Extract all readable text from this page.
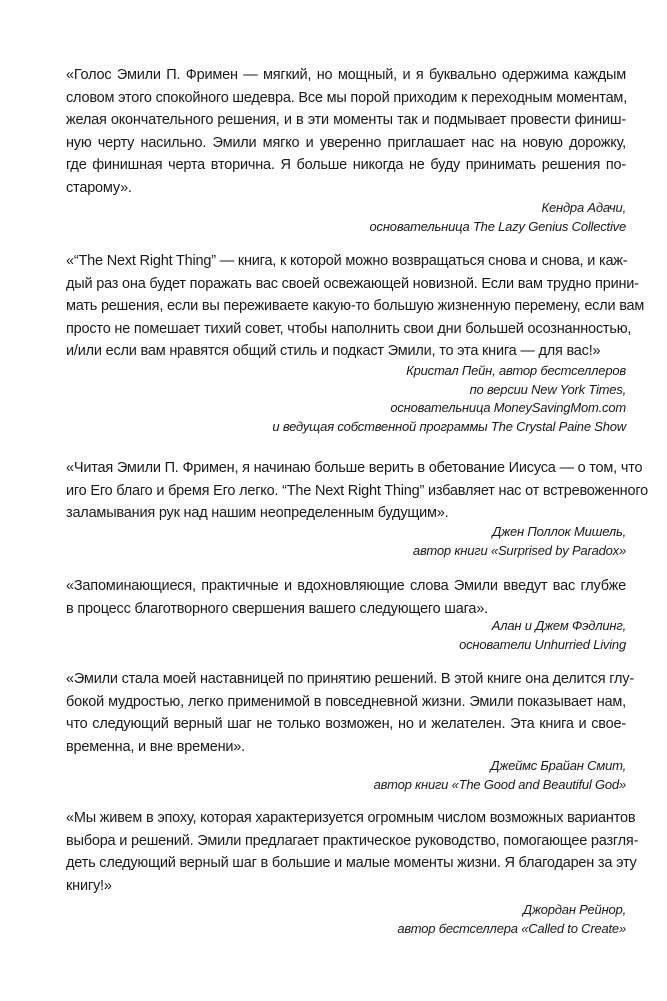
«Голос Эмили П. Фримен — мягкий, но мощный, и я буквально одержима каждым
словом этого спокойного шедевра. Все мы порой приходим к переходным моментам,
желая окончательного решения, и в эти моменты так и подмывает провести финиш-
ную черту насильно. Эмили мягко и уверенно приглашает нас на новую дорожку,
где финишная черта вторична. Я больше никогда не буду принимать решения по-
старому».
Кендра Адачи,
основательница The Lazy Genius Collective
«“The Next Right Thing” — книга, к которой можно возвращаться снова и снова, и каж-
дый раз она будет поражать вас своей освежающей новизной. Если вам трудно прини-
мать решения, если вы переживаете какую-то большую жизненную перемену, если вам
просто не помешает тихий совет, чтобы наполнить свои дни большей осознанностью,
и/или если вам нравятся общий стиль и подкаст Эмили, то эта книга — для вас!»
Кристал Пейн, автор бестселлеров
по версии New York Times,
основательница MoneySavingMom.com
и ведущая собственной программы The Crystal Paine Show
«Читая Эмили П. Фримен, я начинаю больше верить в обетование Иисуса — о том, что
иго Его благо и бремя Его легко. “The Next Right Thing” избавляет нас от встревоженного
заламывания рук над нашим неопределенным будущим».
Джен Поллок Мишель,
автор книги «Surprised by Paradox»
«Запоминающиеся, практичные и вдохновляющие слова Эмили введут вас глубже
в процесс благотворного свершения вашего следующего шага».
Алан и Джем Фэдлинг,
основатели Unhurried Living
«Эмили стала моей наставницей по принятию решений. В этой книге она делится глу-
бокой мудростью, легко применимой в повседневной жизни. Эмили показывает нам,
что следующий верный шаг не только возможен, но и желателен. Эта книга и свое-
временна, и вне времени».
Джеймс Брайан Смит,
автор книги «The Good and Beautiful God»
«Мы живем в эпоху, которая характеризуется огромным числом возможных вариантов
выбора и решений. Эмили предлагает практическое руководство, помогающее разгля-
деть следующий верный шаг в большие и малые моменты жизни. Я благодарен за эту
книгу!»
Джордан Рейнор,
автор бестселлера «Called to Create»
